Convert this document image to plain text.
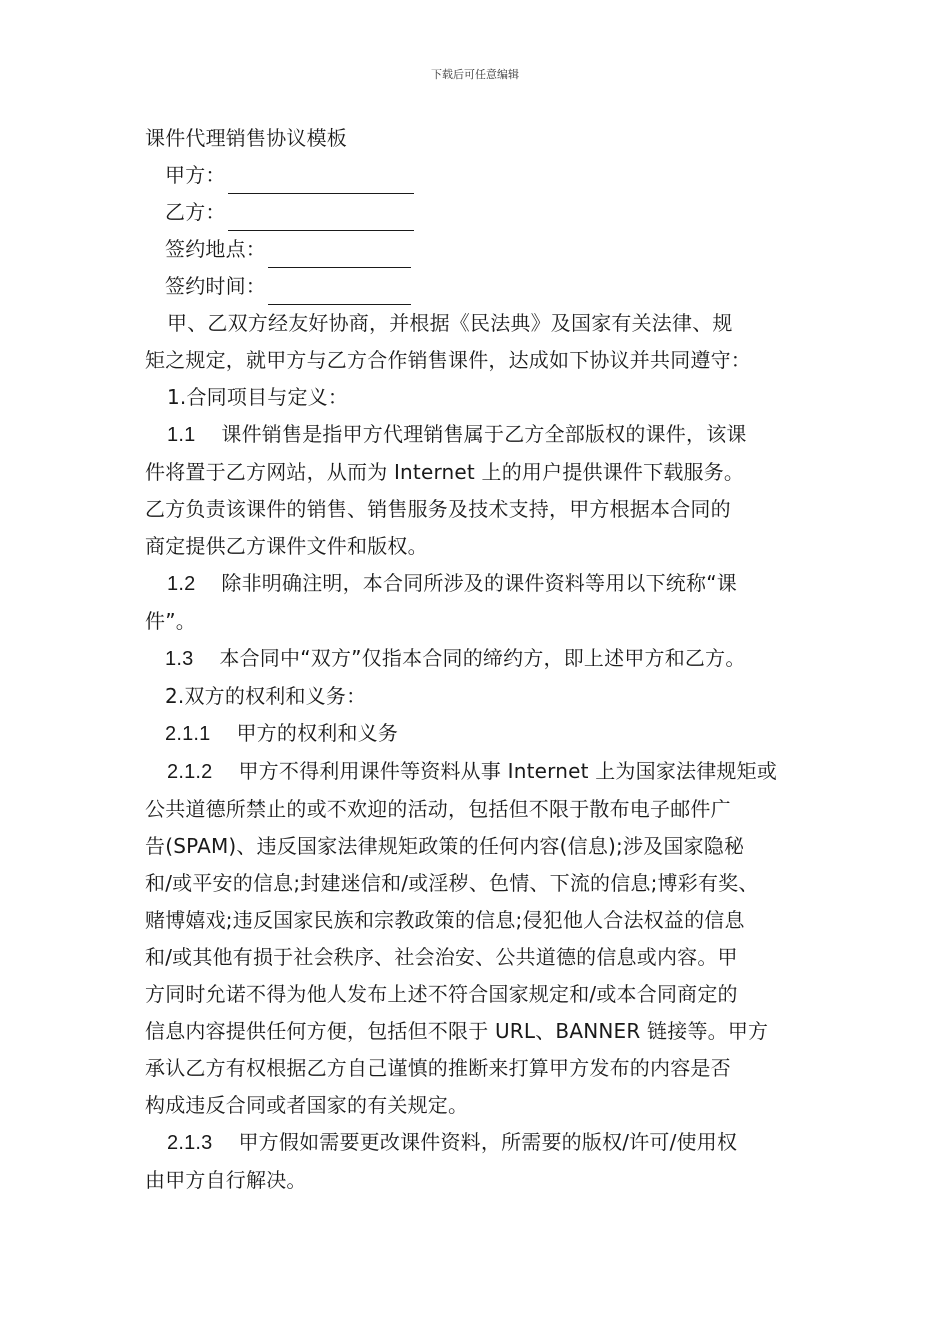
下载后可任意编辑
课件代理销售协议模板
甲方：
乙方：
签约地点：
签约时间：
甲、乙双方经友好协商，并根据《民法典》及国家有关法律、规
矩之规定，就甲方与乙方合作销售课件，达成如下协议并共同遵守：
1.合同项目与定义：
1.1 课件销售是指甲方代理销售属于乙方全部版权的课件，该课
件将置于乙方网站，从而为 Internet 上的用户提供课件下载服务。
乙方负责该课件的销售、销售服务及技术支持，甲方根据本合同的
商定提供乙方课件文件和版权。
1.2 除非明确注明，本合同所涉及的课件资料等用以下统称“课
件”。
1.3 本合同中“双方”仅指本合同的缔约方，即上述甲方和乙方。
2.双方的权利和义务：
2.1.1 甲方的权利和义务
2.1.2 甲方不得利用课件等资料从事 Internet 上为国家法律规矩或
公共道德所禁止的或不欢迎的活动，包括但不限于散布电子邮件广
告(SPAM)、违反国家法律规矩政策的任何内容(信息);涉及国家隐秘
和/或平安的信息;封建迷信和/或淫秽、色情、下流的信息;博彩有奖、
赌博嬉戏;违反国家民族和宗教政策的信息;侵犯他人合法权益的信息
和/或其他有损于社会秩序、社会治安、公共道德的信息或内容。甲
方同时允诺不得为他人发布上述不符合国家规定和/或本合同商定的
信息内容提供任何方便，包括但不限于 URL、BANNER 链接等。甲方
承认乙方有权根据乙方自己谨慎的推断来打算甲方发布的内容是否
构成违反合同或者国家的有关规定。
2.1.3 甲方假如需要更改课件资料，所需要的版权/许可/使用权
由甲方自行解决。
